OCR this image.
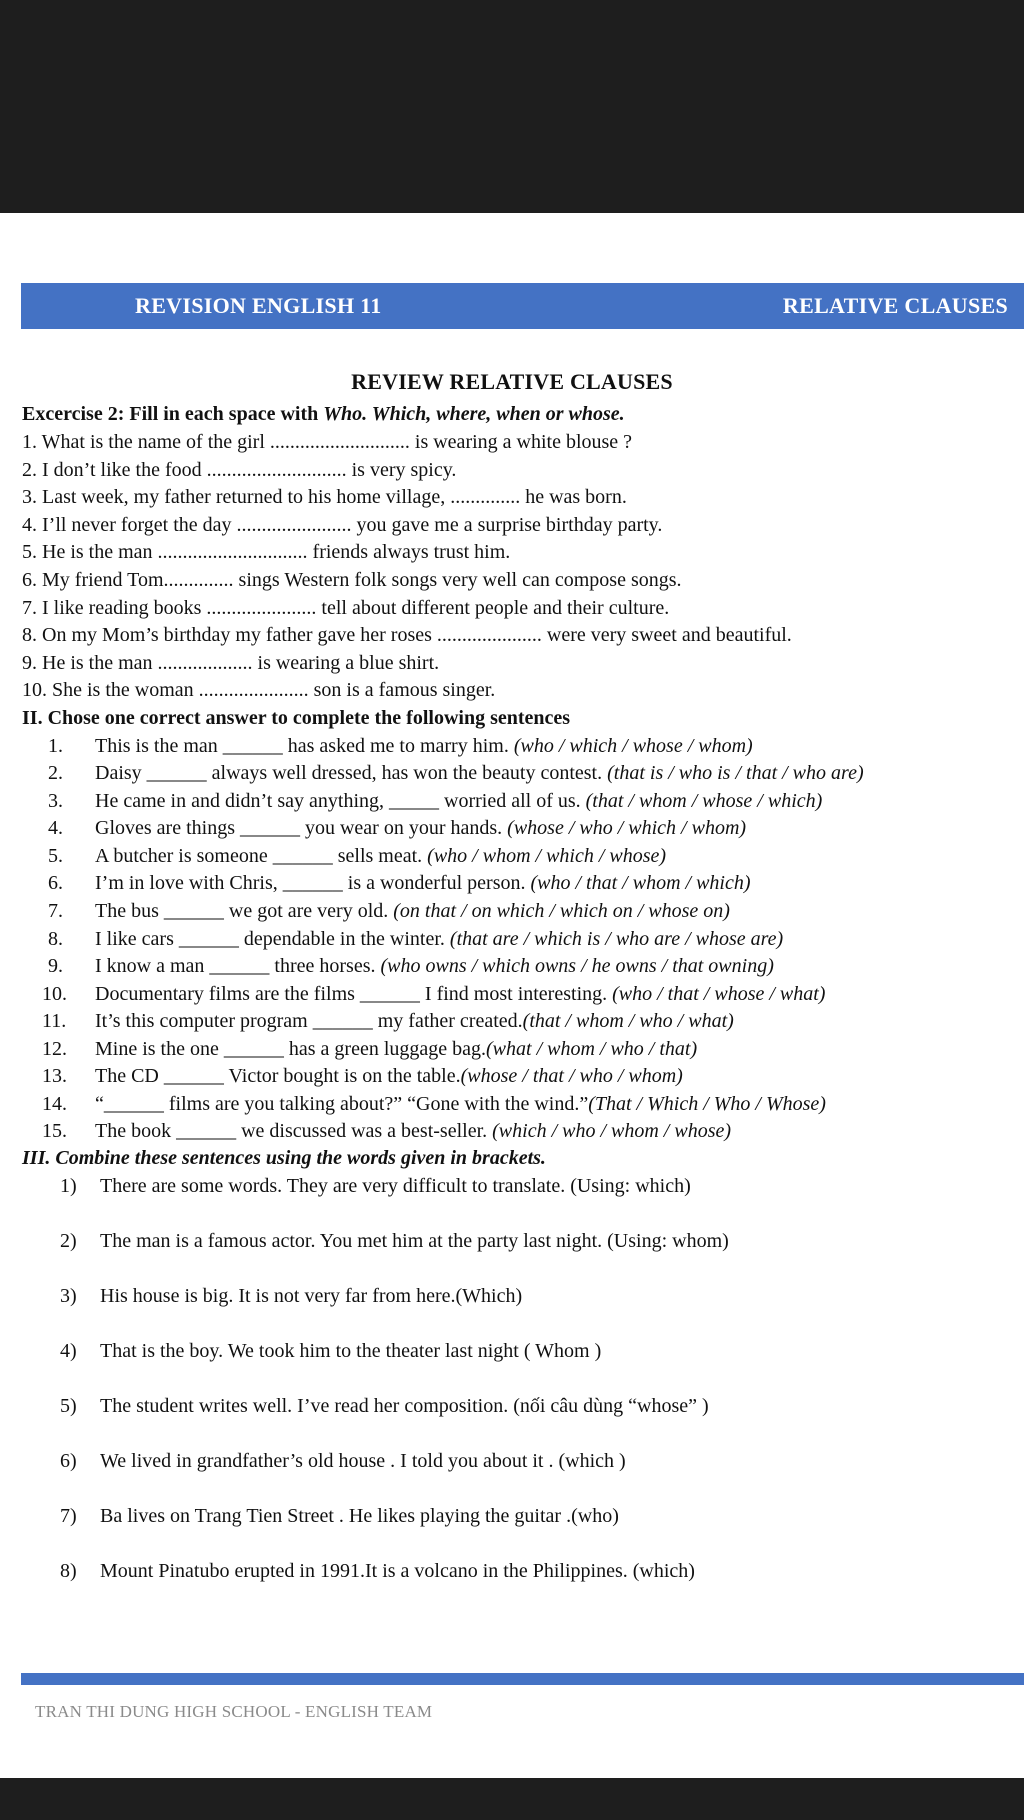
REVISION ENGLISH 11	RELATIVE CLAUSES
REVIEW RELATIVE CLAUSES
Excercise 2: Fill in each space with Who. Which, where, when or whose.
1. What is the name of the girl ............................ is wearing a white blouse ?
2. I don’t like the food ............................ is very spicy.
3. Last week, my father returned to his home village, .............. he was born.
4. I’ll never forget the day ....................... you gave me a surprise birthday party.
5. He is the man .............................. friends always trust him.
6. My friend Tom.............. sings Western folk songs very well can compose songs.
7. I like reading books ...................... tell about different people and their culture.
8. On my Mom’s birthday my father gave her roses ..................... were very sweet and beautiful.
9. He is the man ................... is wearing a blue shirt.
10. She is the woman ...................... son is a famous singer.
II. Chose one correct answer to complete the following sentences
1. This is the man ______ has asked me to marry him. (who / which / whose / whom)
2. Daisy ______ always well dressed, has won the beauty contest. (that is / who is / that / who are)
3. He came in and didn’t say anything, _____ worried all of us. (that / whom / whose / which)
4. Gloves are things ______ you wear on your hands. (whose / who / which / whom)
5. A butcher is someone ______ sells meat. (who / whom / which / whose)
6. I’m in love with Chris, ______ is a wonderful person. (who / that / whom / which)
7. The bus ______ we got are very old. (on that / on which / which on / whose on)
8. I like cars ______ dependable in the winter. (that are / which is / who are / whose are)
9. I know a man ______ three horses. (who owns / which owns / he owns / that owning)
10. Documentary films are the films ______ I find most interesting. (who / that / whose / what)
11. It’s this computer program ______ my father created.(that / whom / who / what)
12. Mine is the one ______ has a green luggage bag.(what / whom / who / that)
13. The CD ______ Victor bought is on the table.(whose / that / who / whom)
14. “______ films are you talking about?” “Gone with the wind.”(That / Which / Who / Whose)
15. The book ______ we discussed was a best-seller. (which / who / whom / whose)
III. Combine these sentences using the words given in brackets.
1) There are some words. They are very difficult to translate. (Using: which)
2) The man is a famous actor. You met him at the party last night. (Using: whom)
3) His house is big. It is not very far from here.(Which)
4) That is the boy. We took him to the theater last night ( Whom )
5) The student writes well. I’ve read her composition. (nối câu dùng “whose” )
6) We lived in grandfather’s old house . I told you about it . (which )
7) Ba lives on Trang Tien Street . He likes playing the guitar .(who)
8) Mount Pinatubo erupted in 1991.It is a volcano in the Philippines. (which)
TRAN THI DUNG HIGH SCHOOL - ENGLISH TEAM
